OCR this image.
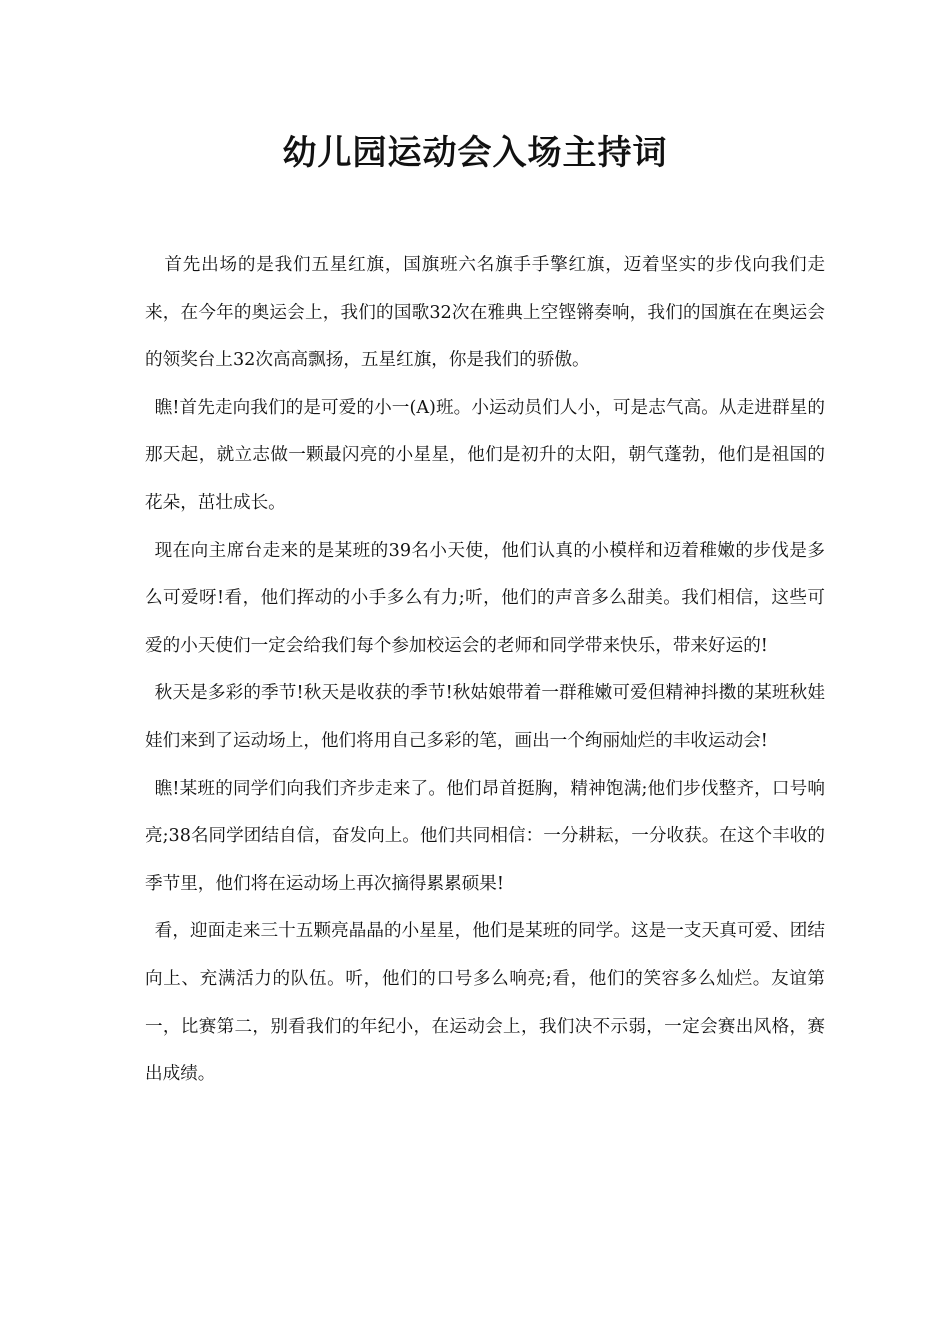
幼儿园运动会入场主持词

首先出场的是我们五星红旗，国旗班六名旗手手擎红旗，迈着坚实的步伐向我们走来，在今年的奥运会上，我们的国歌32次在雅典上空铿锵奏响，我们的国旗在在奥运会的领奖台上32次高高飘扬，五星红旗，你是我们的骄傲。

瞧!首先走向我们的是可爱的小一(A)班。小运动员们人小，可是志气高。从走进群星的那天起，就立志做一颗最闪亮的小星星，他们是初升的太阳，朝气蓬勃，他们是祖国的花朵，茁壮成长。

现在向主席台走来的是某班的39名小天使，他们认真的小模样和迈着稚嫩的步伐是多么可爱呀!看，他们挥动的小手多么有力;听，他们的声音多么甜美。我们相信，这些可爱的小天使们一定会给我们每个参加校运会的老师和同学带来快乐，带来好运的!

秋天是多彩的季节!秋天是收获的季节!秋姑娘带着一群稚嫩可爱但精神抖擞的某班秋娃娃们来到了运动场上，他们将用自己多彩的笔，画出一个绚丽灿烂的丰收运动会!

瞧!某班的同学们向我们齐步走来了。他们昂首挺胸，精神饱满;他们步伐整齐，口号响亮;38名同学团结自信，奋发向上。他们共同相信：一分耕耘，一分收获。在这个丰收的季节里，他们将在运动场上再次摘得累累硕果!

看，迎面走来三十五颗亮晶晶的小星星，他们是某班的同学。这是一支天真可爱、团结向上、充满活力的队伍。听，他们的口号多么响亮;看，他们的笑容多么灿烂。友谊第一，比赛第二，别看我们的年纪小，在运动会上，我们决不示弱，一定会赛出风格，赛出成绩。
